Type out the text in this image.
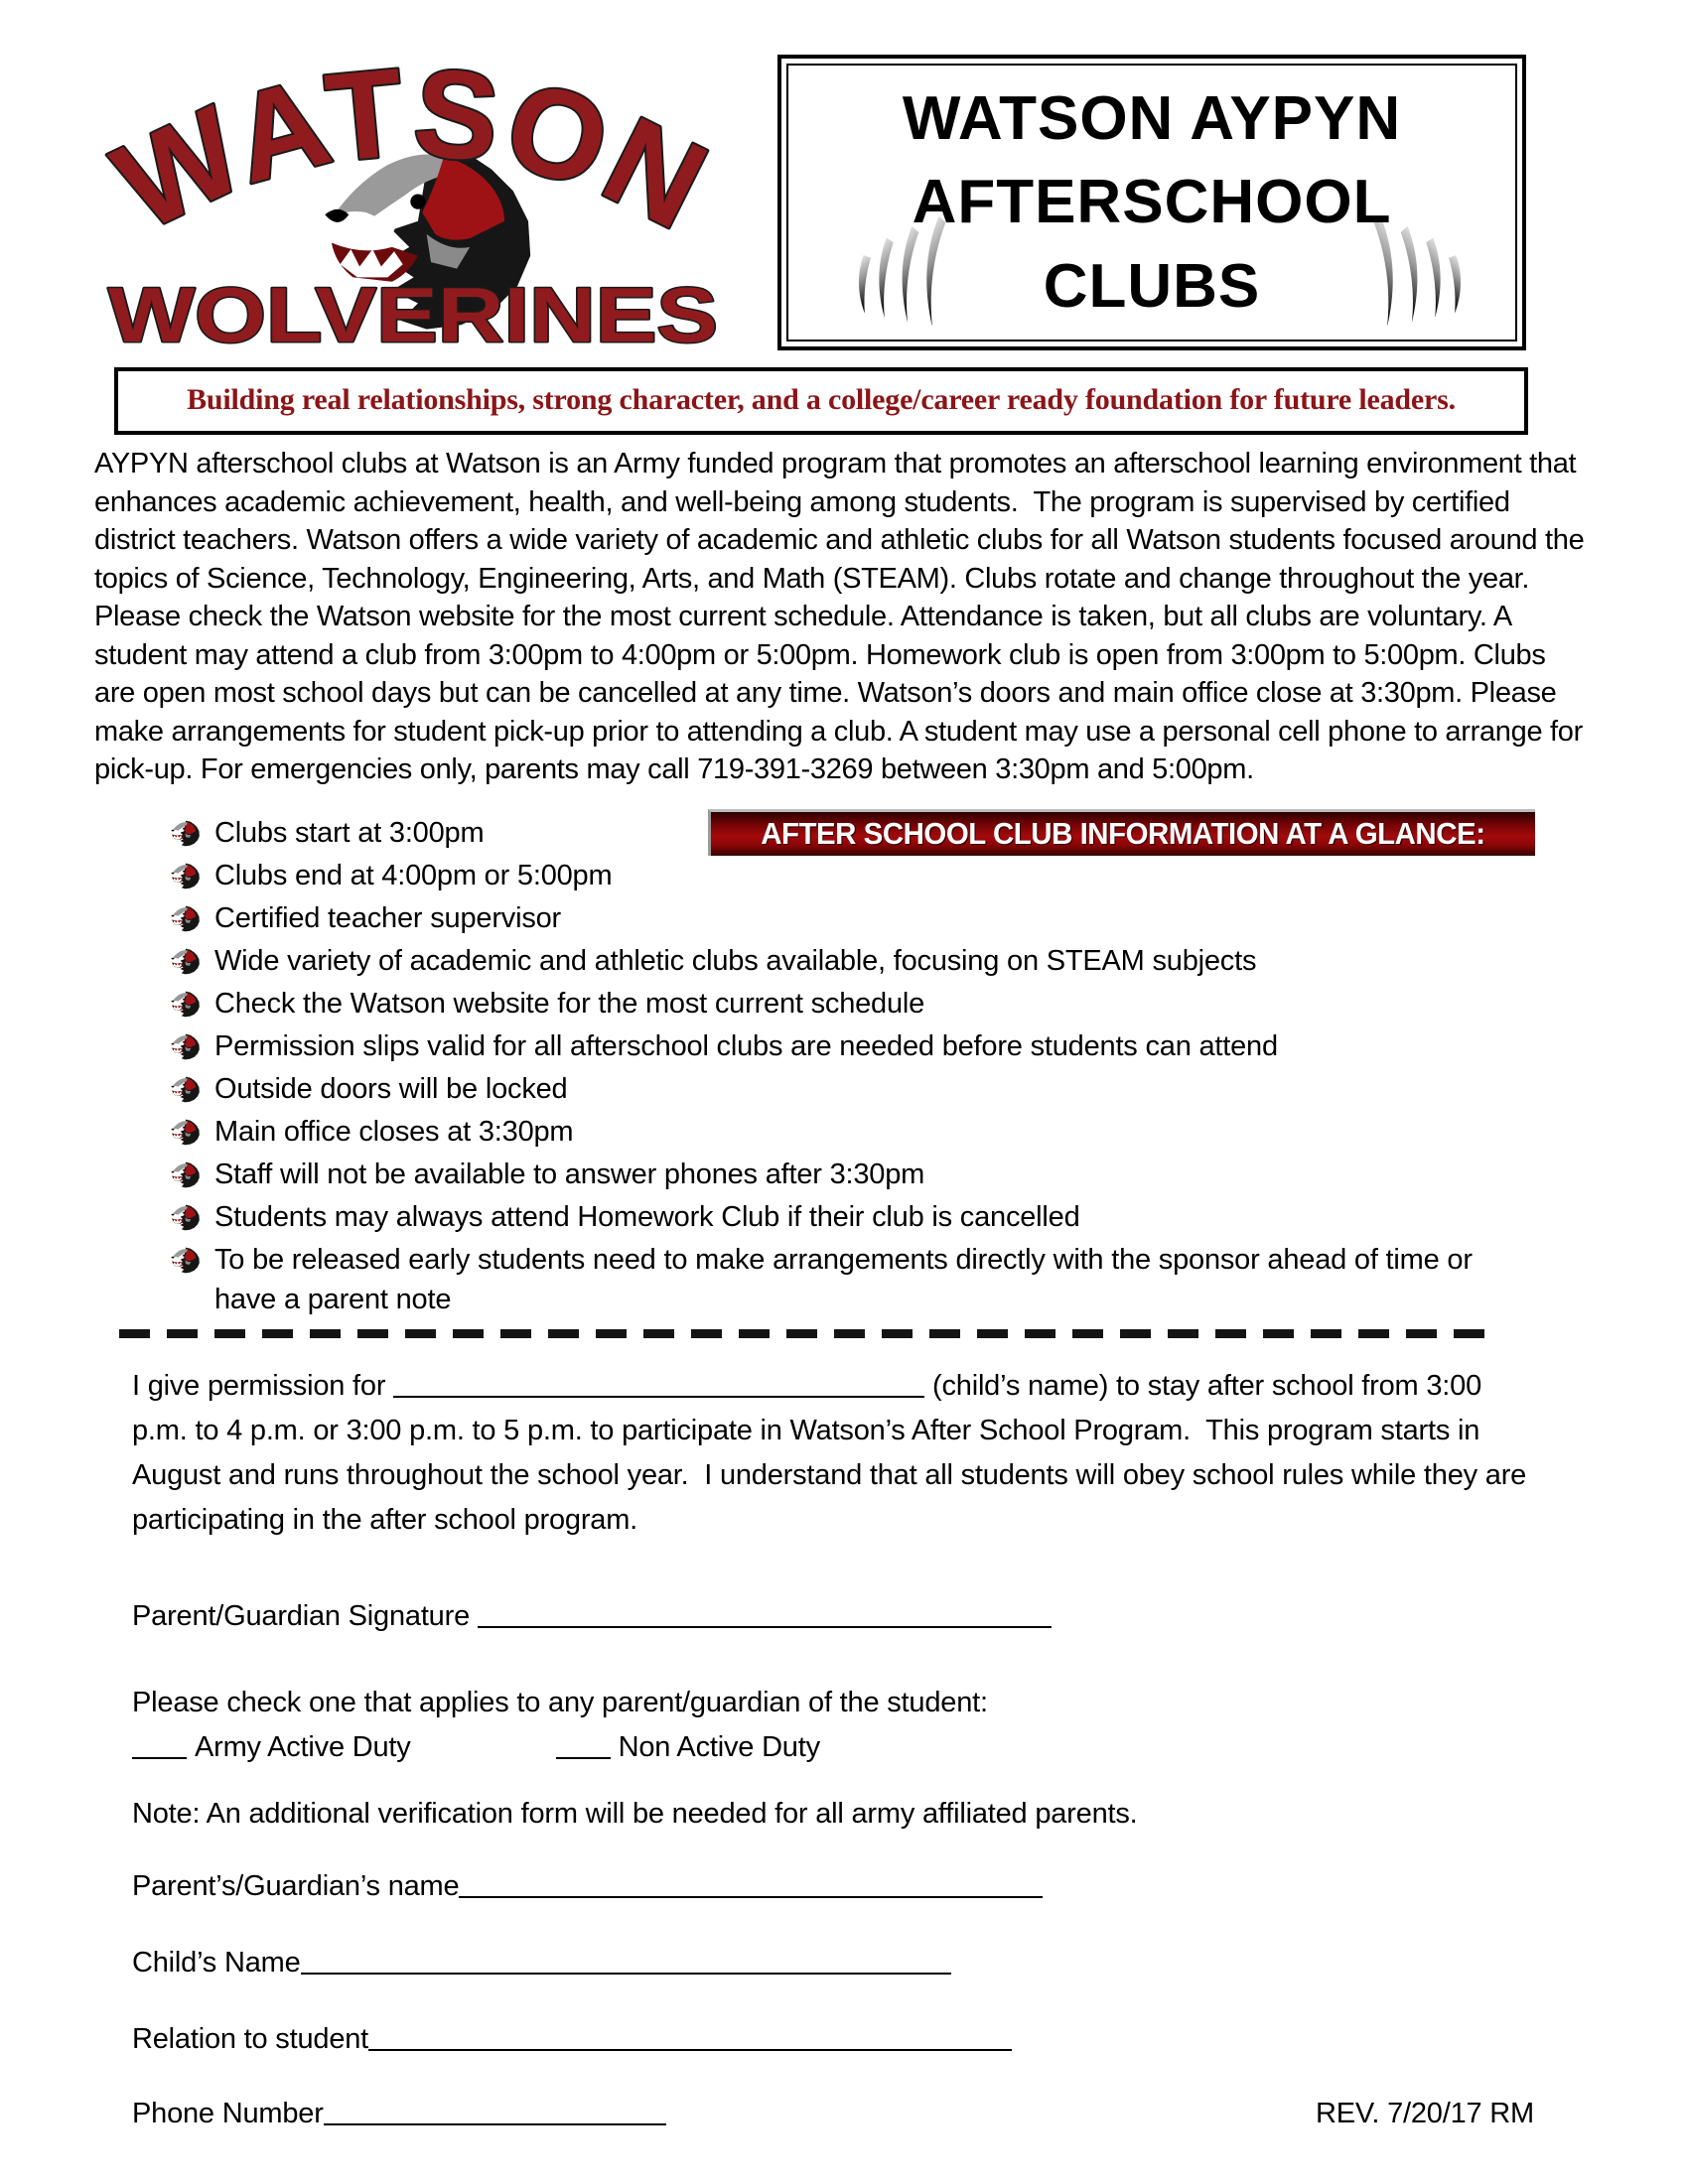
WATSON
WOLVERINES
WATSON AYPYN
AFTERSCHOOL
CLUBS
Building real relationships, strong character, and a college/career ready foundation for future leaders.
AYPYN afterschool clubs at Watson is an Army funded program that promotes an afterschool learning environment that enhances academic achievement, health, and well-being among students.  The program is supervised by certified district teachers. Watson offers a wide variety of academic and athletic clubs for all Watson students focused around the topics of Science, Technology, Engineering, Arts, and Math (STEAM). Clubs rotate and change throughout the year. Please check the Watson website for the most current schedule. Attendance is taken, but all clubs are voluntary. A student may attend a club from 3:00pm to 4:00pm or 5:00pm. Homework club is open from 3:00pm to 5:00pm. Clubs are open most school days but can be cancelled at any time. Watson’s doors and main office close at 3:30pm. Please make arrangements for student pick-up prior to attending a club. A student may use a personal cell phone to arrange for pick-up. For emergencies only, parents may call 719-391-3269 between 3:30pm and 5:00pm.
AFTER SCHOOL CLUB INFORMATION AT A GLANCE:
Clubs start at 3:00pm
Clubs end at 4:00pm or 5:00pm
Certified teacher supervisor
Wide variety of academic and athletic clubs available, focusing on STEAM subjects
Check the Watson website for the most current schedule
Permission slips valid for all afterschool clubs are needed before students can attend
Outside doors will be locked
Main office closes at 3:30pm
Staff will not be available to answer phones after 3:30pm
Students may always attend Homework Club if their club is cancelled
To be released early students need to make arrangements directly with the sponsor ahead of time or have a parent note
I give permission for	(child’s name) to stay after school from 3:00 p.m. to 4 p.m. or 3:00 p.m. to 5 p.m. to participate in Watson’s After School Program.  This program starts in August and runs throughout the school year.  I understand that all students will obey school rules while they are participating in the after school program.
Parent/Guardian Signature
Please check one that applies to any parent/guardian of the student:
Army Active Duty	Non Active Duty
Note: An additional verification form will be needed for all army affiliated parents.
Parent’s/Guardian’s name
Child’s Name
Relation to student
Phone Number	REV. 7/20/17 RM
